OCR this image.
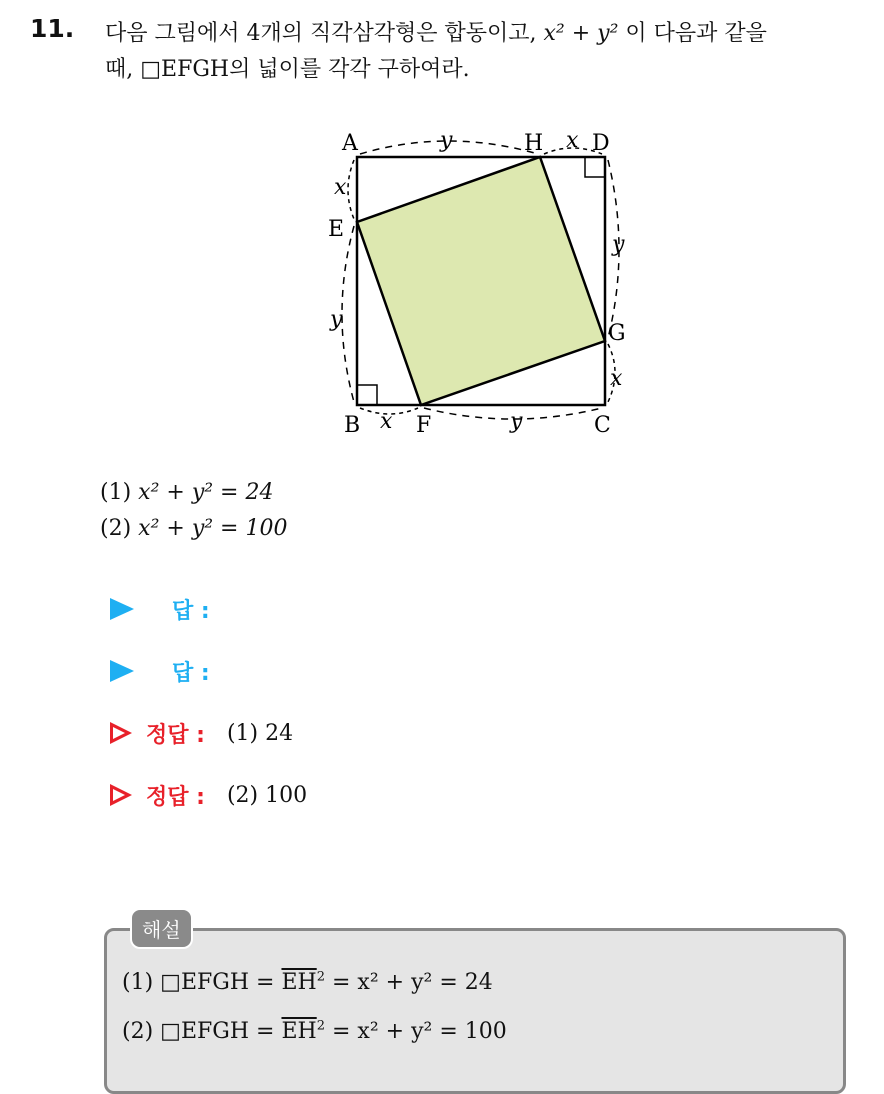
11. 다음 그림에서 4개의 직각삼각형은 합동이고, x² + y² 이 다음과 같을
때, □EFGH의 넓이를 각각 구하여라.
A	H D
E
G
B	F	C
y	x
x
y
y
x
x	y
(1) x² + y² = 24
(2) x² + y² = 100
답 :
답 :
정답 : (1) 24
정답 : (2) 100
해설
(1) □EFGH = $\overline{EH}^2 = x^2 + y^2 = 24$
(2) □EFGH = $\overline{EH}^2 = x^2 + y^2 = 100$
